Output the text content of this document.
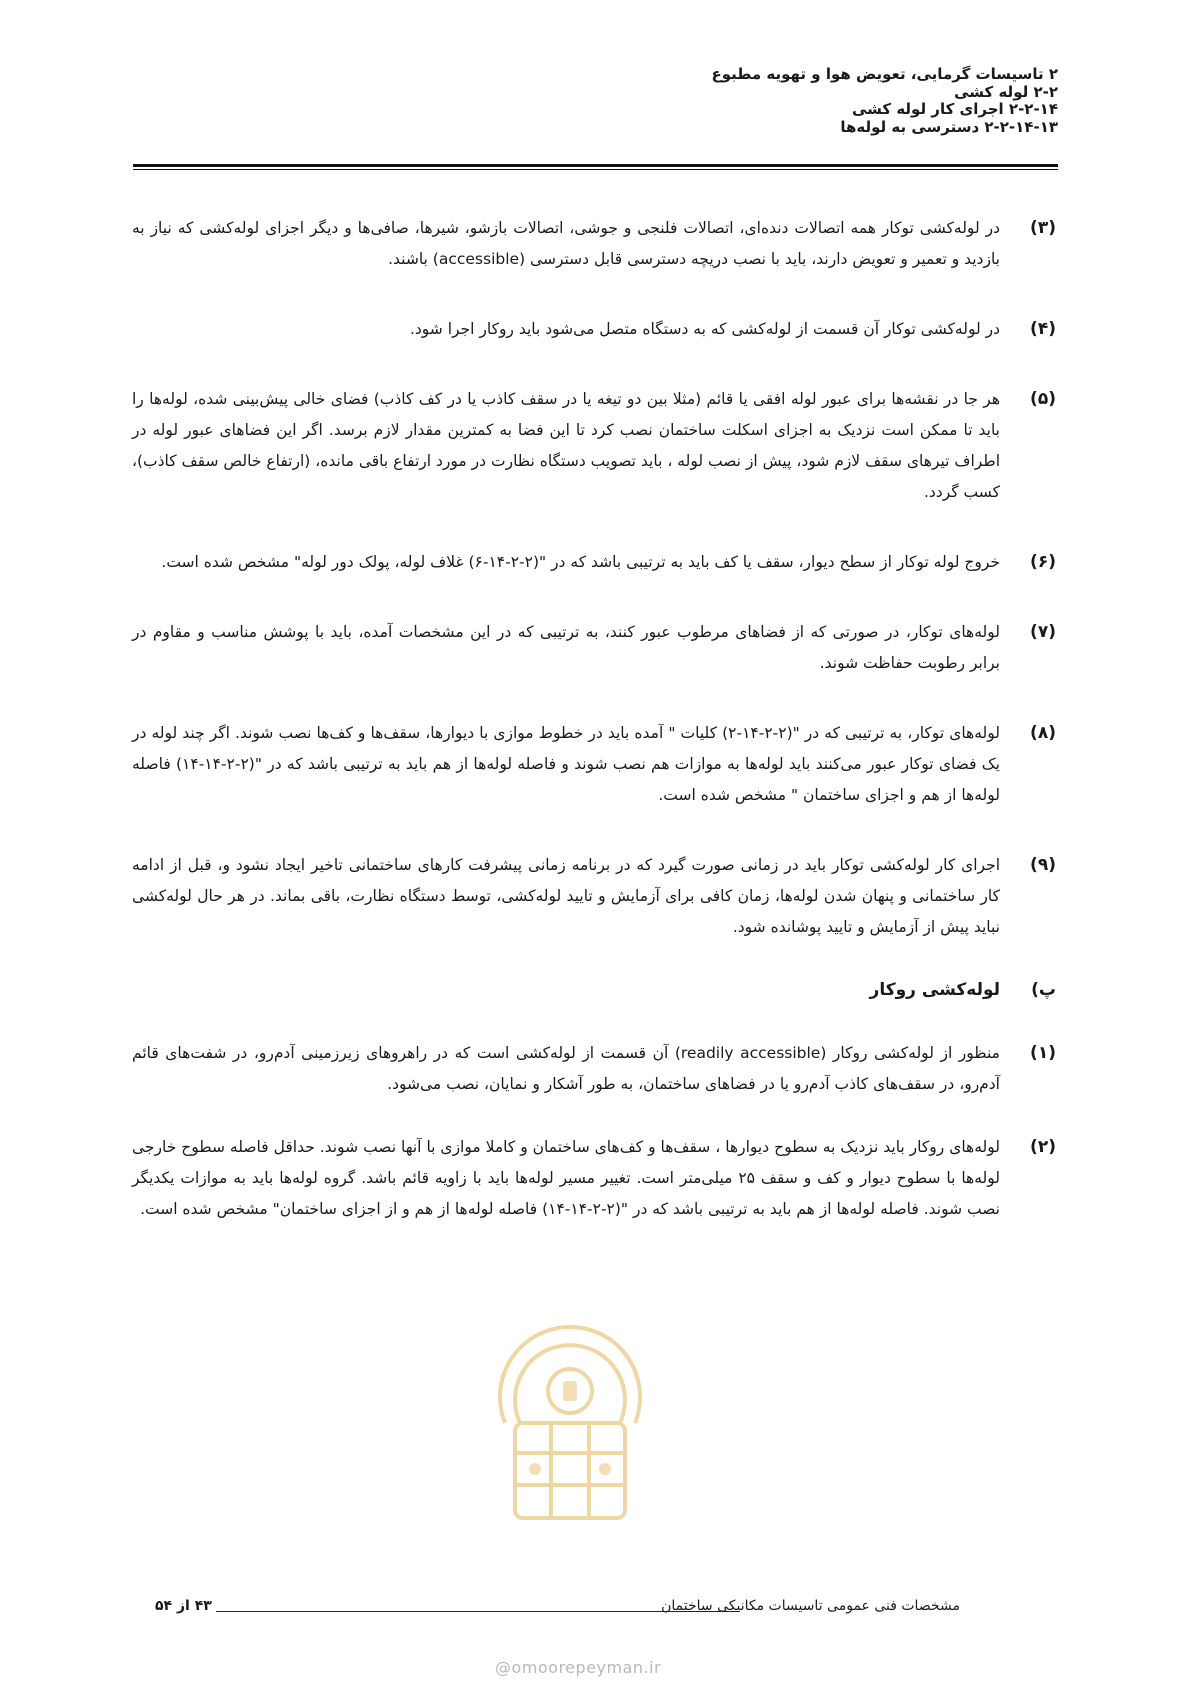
۲ تاسیسات گرمایی، تعویض هوا و تهویه مطبوع
۲-۲ لوله کشی
۲-۲-۱۴ اجرای کار لوله کشی
۲-۲-۱۴-۱۳ دسترسی به لوله‌ها
(۳)
در لوله‌کشی توکار همه اتصالات دنده‌ای، اتصالات فلنجی و جوشی، اتصالات بازشو، شیرها، صافی‌ها و دیگر اجزای لوله‌کشی که نیاز به بازدید و تعمیر و تعویض دارند، باید با نصب دریچه دسترسی قابل دسترسی (accessible) باشند.
(۴)
در لوله‌کشی توکار آن قسمت از لوله‌کشی که به دستگاه متصل می‌شود باید روکار اجرا شود.
(۵)
هر جا در نقشه‌ها برای عبور لوله افقی یا قائم (مثلا بین دو تیغه یا در سقف کاذب یا در کف کاذب) فضای خالی پیش‌بینی شده، لوله‌ها را باید تا ممکن است نزدیک به اجزای اسکلت ساختمان نصب کرد تا این فضا به کمترین مقدار لازم برسد. اگر این فضاهای عبور لوله در اطراف تیرهای سقف لازم شود، پیش از نصب لوله ، باید تصویب دستگاه نظارت در مورد ارتفاع باقی مانده، (ارتفاع خالص سقف کاذب)، کسب گردد.
(۶)
خروج لوله توکار از سطح دیوار، سقف یا کف باید به ترتیبی باشد که در "(۲-۲-۱۴-۶) غلاف لوله، پولک دور لوله" مشخص شده است.
(۷)
لوله‌های توکار، در صورتی که از فضاهای مرطوب عبور کنند، به ترتیبی که در این مشخصات آمده، باید با پوشش مناسب و مقاوم در برابر رطوبت حفاظت شوند.
(۸)
لوله‌های توکار، به ترتیبی که در "(۲-۲-۱۴-۲) کلیات " آمده باید در خطوط موازی با دیوارها، سقف‌ها و کف‌ها نصب شوند. اگر چند لوله در یک فضای توکار عبور می‌کنند باید لوله‌ها به موازات هم نصب شوند و فاصله لوله‌ها از هم باید به ترتیبی باشد که در "(۲-۲-۱۴-۱۴) فاصله لوله‌ها از هم و اجزای ساختمان " مشخص شده است.
(۹)
اجرای کار لوله‌کشی توکار باید در زمانی صورت گیرد که در برنامه زمانی پیشرفت کارهای ساختمانی تاخیر ایجاد نشود و، قبل از ادامه کار ساختمانی و پنهان شدن لوله‌ها، زمان کافی برای آزمایش و تایید لوله‌کشی، توسط دستگاه نظارت، باقی بماند. در هر حال لوله‌کشی نباید پیش از آزمایش و تایید پوشانده شود.
پ)
لوله‌کشی روکار
(۱)
منظور از لوله‌کشی روکار (readily accessible) آن قسمت از لوله‌کشی است که در راهروهای زیرزمینی آدم‌رو، در شفت‌های قائم آدم‌رو، در سقف‌های کاذب آدم‌رو یا در فضاهای ساختمان، به طور آشکار و نمایان، نصب می‌شود.
(۲)
لوله‌های روکار باید نزدیک به سطوح دیوارها ، سقف‌ها و کف‌های ساختمان و کاملا موازی با آنها نصب شوند. حداقل فاصله سطوح خارجی لوله‌ها با سطوح دیوار و کف و سقف ۲۵ میلی‌متر است. تغییر مسیر لوله‌ها باید با زاویه قائم باشد. گروه لوله‌ها باید به موازات یکدیگر نصب شوند. فاصله لوله‌ها از هم باید به ترتیبی باشد که در "(۲-۲-۱۴-۱۴) فاصله لوله‌ها از هم و از اجزای ساختمان" مشخص شده است.
مشخصات فنی عمومی تاسیسات مکانیکی ساختمان
۴۳ از ۵۴
@omoorepeyman.ir
